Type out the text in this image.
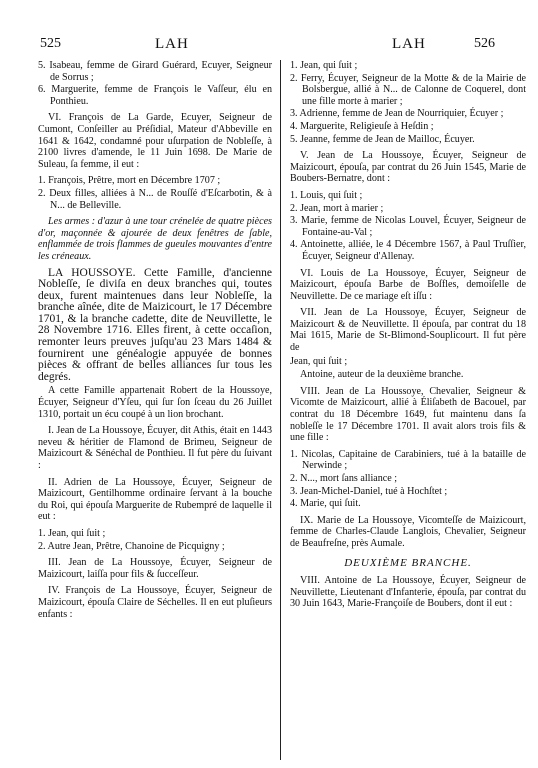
525	LAH	LAH	526

5. Isabeau, femme de Girard Guérard, Ecuyer, Seigneur de Sorrus ;

6. Marguerite, femme de François le Vaſſeur, élu en Ponthieu.

VI. François de La Garde, Ecuyer, Seigneur de Cumont, Conſeiller au Préſidial, Mateur d'Abbeville en 1641 & 1642, condamné pour uſurpation de Nobleſſe, à 2100 livres d'amende, le 11 Juin 1698. De Marie de Suleau, ſa femme, il eut :

1. François, Prêtre, mort en Décembre 1707 ;

2. Deux filles, alliées à N... de Rouſſé d'Eſcarbotin, & à N... de Belleville.

Les armes : d'azur à une tour crénelée de quatre pièces d'or, maçonnée & ajourée de deux fenêtres de ſable, enflammée de trois flammes de gueules mouvantes d'entre les créneaux.

LA HOUSSOYE. Cette Famille, d'ancienne Nobleſſe, ſe diviſa en deux branches qui, toutes deux, furent maintenues dans leur Nobleſſe, la branche aînée, dite de Maizicourt, le 17 Décembre 1701, & la branche cadette, dite de Neuvillette, le 28 Novembre 1716. Elles firent, à cette occaſion, remonter leurs preuves juſqu'au 23 Mars 1484 & fournirent une généalogie appuyée de bonnes pièces & offrant de belles alliances ſur tous les degrés.

A cette Famille appartenait Robert de la Houssoye, Écuyer, Seigneur d'Yſeu, qui ſur ſon ſceau du 26 Juillet 1310, portait un écu coupé à un lion brochant.

I. Jean de La Houssoye, Écuyer, dit Athis, était en 1443 neveu & héritier de Flamond de Brimeu, Seigneur de Maizicourt & Sénéchal de Ponthieu. Il fut père du ſuivant :

II. Adrien de La Houssoye, Écuyer, Seigneur de Maizicourt, Gentilhomme ordinaire ſervant à la bouche du Roi, qui épouſa Marguerite de Rubempré de laquelle il eut :

1. Jean, qui ſuit ;

2. Autre Jean, Prêtre, Chanoine de Picquigny ;

III. Jean de La Houssoye, Écuyer, Seigneur de Maizicourt, laiſſa pour fils & ſucceſſeur.

IV. François de La Houssoye, Écuyer, Seigneur de Maizicourt, épouſa Claire de Séchelles. Il en eut pluſieurs enfants :

1. Jean, qui ſuit ;

2. Ferry, Écuyer, Seigneur de la Motte & de la Mairie de Bolsbergue, allié à N... de Calonne de Coquerel, dont une fille morte à marier ;

3. Adrienne, femme de Jean de Nourriquier, Écuyer ;

4. Marguerite, Religieuſe à Heſdin ;

5. Jeanne, femme de Jean de Mailloc, Écuyer.

V. Jean de La Houssoye, Écuyer, Seigneur de Maizicourt, épouſa, par contrat du 26 Juin 1545, Marie de Boubers-Bernatre, dont :

1. Louis, qui ſuit ;

2. Jean, mort à marier ;

3. Marie, femme de Nicolas Louvel, Écuyer, Seigneur de Fontaine-au-Val ;

4. Antoinette, alliée, le 4 Décembre 1567, à Paul Truſſier, Écuyer, Seigneur d'Allenay.

VI. Louis de La Houssoye, Écuyer, Seigneur de Maizicourt, épouſa Barbe de Boſfles, demoiſelle de Neuvillette. De ce mariage eſt iſſu :

VII. Jean de La Houssoye, Écuyer, Seigneur de Maizicourt & de Neuvillette. Il épouſa, par contrat du 18 Mai 1615, Marie de St-Blimond-Souplicourt. Il fut père de

Jean, qui ſuit ;

Antoine, auteur de la deuxième branche.

VIII. Jean de La Houssoye, Chevalier, Seigneur & Vicomte de Maizicourt, allié à Éliſabeth de Bacouel, par contrat du 18 Décembre 1649, fut maintenu dans ſa nobleſſe le 17 Décembre 1701. Il avait alors trois fils & une fille :

1. Nicolas, Capitaine de Carabiniers, tué à la bataille de Nerwinde ;

2. N..., mort ſans alliance ;

3. Jean-Michel-Daniel, tué à Hochſtet ;

4. Marie, qui ſuit.

IX. Marie de La Houssoye, Vicomteſſe de Maizicourt, femme de Charles-Claude Langlois, Chevalier, Seigneur de Beaufreſne, près Aumale.

DEUXIÈME BRANCHE.

VIII. Antoine de La Houssoye, Écuyer, Seigneur de Neuvillette, Lieutenant d'Infanterie, épouſa, par contrat du 30 Juin 1643, Marie-Françoiſe de Boubers, dont il eut :
